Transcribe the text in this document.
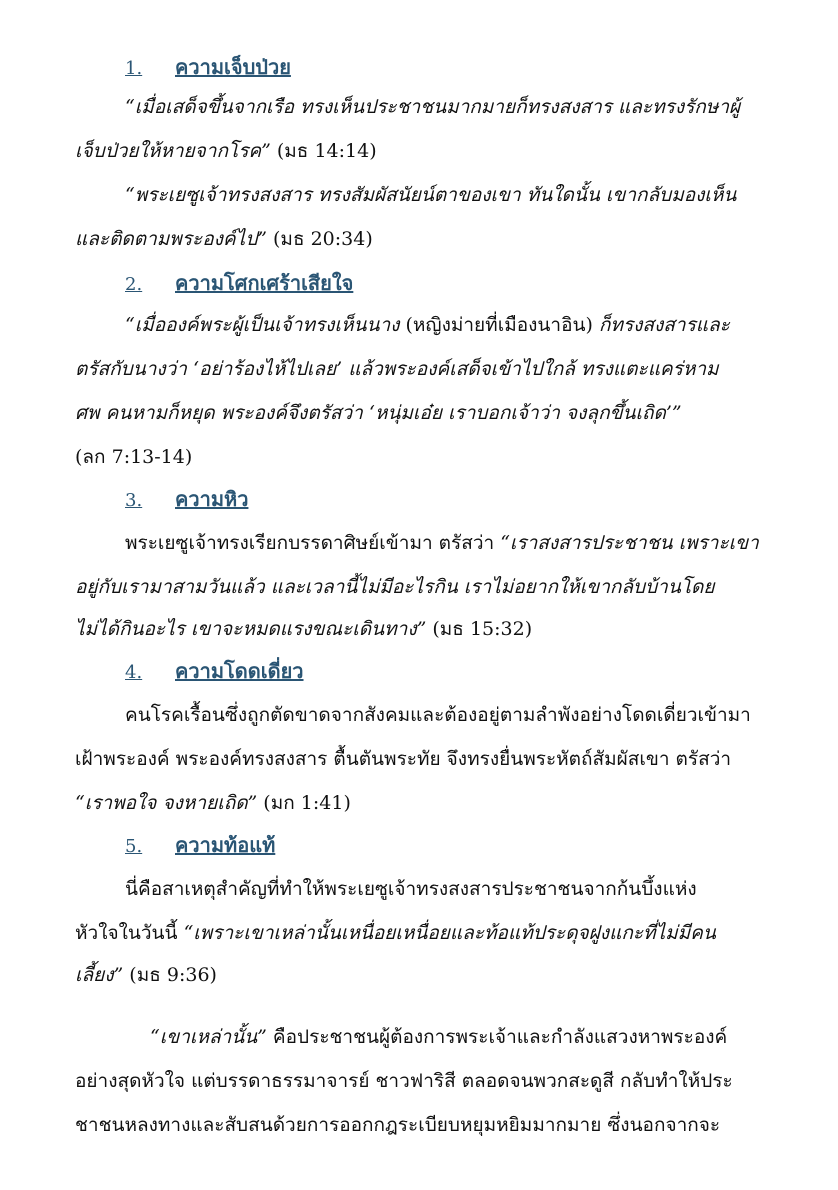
1. ความเจ็บป่วย
“เมื่อเสด็จขึ้นจากเรือ ทรงเห็นประชาชนมากมายก็ทรงสงสาร และทรงรักษาผู้
เจ็บป่วยให้หายจากโรค” (มธ 14:14)
“พระเยซูเจ้าทรงสงสาร ทรงสัมผัสนัยน์ตาของเขา ทันใดนั้น เขากลับมองเห็น
และติดตามพระองค์ไป” (มธ 20:34)
2. ความโศกเศร้าเสียใจ
“เมื่อองค์พระผู้เป็นเจ้าทรงเห็นนาง (หญิงม่ายที่เมืองนาอิน) ก็ทรงสงสารและ
ตรัสกับนางว่า ‘อย่าร้องไห้ไปเลย’ แล้วพระองค์เสด็จเข้าไปใกล้ ทรงแตะแคร่หาม
ศพ คนหามก็หยุด พระองค์จึงตรัสว่า ‘หนุ่มเอ๋ย เราบอกเจ้าว่า จงลุกขึ้นเถิด’”
(ลก 7:13-14)
3. ความหิว
พระเยซูเจ้าทรงเรียกบรรดาศิษย์เข้ามา ตรัสว่า “เราสงสารประชาชน เพราะเขา
อยู่กับเรามาสามวันแล้ว และเวลานี้ไม่มีอะไรกิน เราไม่อยากให้เขากลับบ้านโดย
ไม่ได้กินอะไร เขาจะหมดแรงขณะเดินทาง” (มธ 15:32)
4. ความโดดเดี่ยว
คนโรคเรื้อนซึ่งถูกตัดขาดจากสังคมและต้องอยู่ตามลำพังอย่างโดดเดี่ยวเข้ามา
เฝ้าพระองค์ พระองค์ทรงสงสาร ตื้นตันพระทัย จึงทรงยื่นพระหัตถ์สัมผัสเขา ตรัสว่า
“เราพอใจ จงหายเถิด” (มก 1:41)
5. ความท้อแท้
นี่คือสาเหตุสำคัญที่ทำให้พระเยซูเจ้าทรงสงสารประชาชนจากก้นบึ้งแห่ง
หัวใจในวันนี้ “เพราะเขาเหล่านั้นเหนื่อยเหนื่อยและท้อแท้ประดุจฝูงแกะที่ไม่มีคน
เลี้ยง” (มธ 9:36)
“เขาเหล่านั้น” คือประชาชนผู้ต้องการพระเจ้าและกำลังแสวงหาพระองค์
อย่างสุดหัวใจ แต่บรรดาธรรมาจารย์ ชาวฟาริสี ตลอดจนพวกสะดูสี กลับทำให้ประ
ชาชนหลงทางและสับสนด้วยการออกกฎระเบียบหยุมหยิมมากมาย ซึ่งนอกจากจะ
